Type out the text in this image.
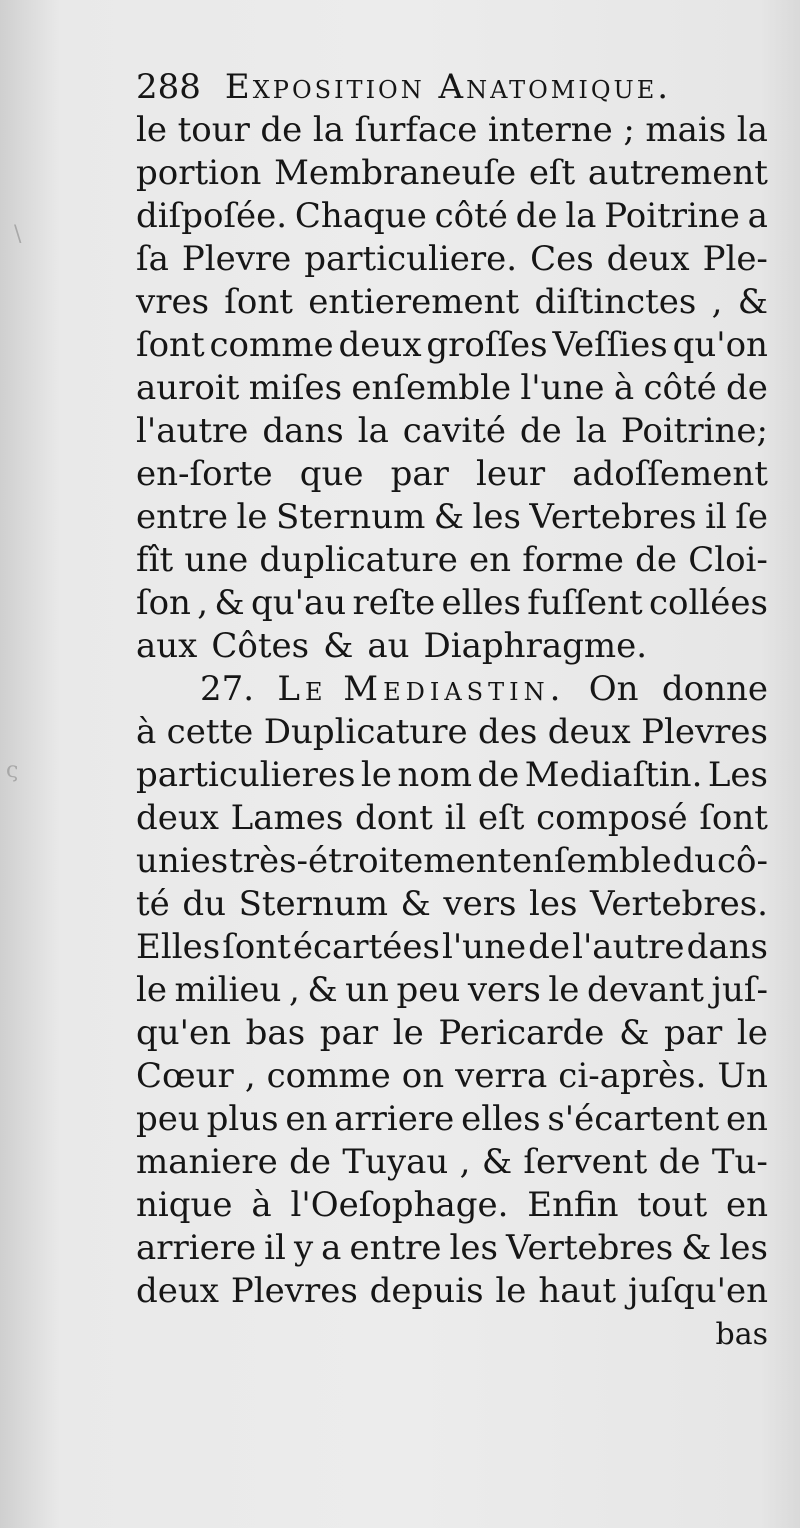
\
ς
288 Exposition Anatomique.
le tour de la ſurface interne ; mais la
portion Membraneuſe eſt autrement
diſpoſée. Chaque côté de la Poitrine a
ſa Plevre particuliere. Ces deux Ple-
vres ſont entierement diſtinctes , &
ſont comme deux groſſes Veſſies qu'on
auroit miſes enſemble l'une à côté de
l'autre dans la cavité de la Poitrine;
en-ſorte que par leur adoſſement
entre le Sternum & les Vertebres il ſe
fît une duplicature en forme de Cloi-
ſon , & qu'au reſte elles fuſſent collées
aux Côtes & au Diaphragme.
27. Le Mediastin. On donne
à cette Duplicature des deux Plevres
particulieres le nom de Mediaſtin. Les
deux Lames dont il eſt composé ſont
unies très-étroitement enſemble du cô-
té du Sternum & vers les Vertebres.
Elles ſont écartées l'une de l'autre dans
le milieu , & un peu vers le devant juſ-
qu'en bas par le Pericarde & par le
Cœur , comme on verra ci-après. Un
peu plus en arriere elles s'écartent en
maniere de Tuyau , & ſervent de Tu-
nique à l'Oeſophage. Enfin tout en
arriere il y a entre les Vertebres & les
deux Plevres depuis le haut juſqu'en
bas
